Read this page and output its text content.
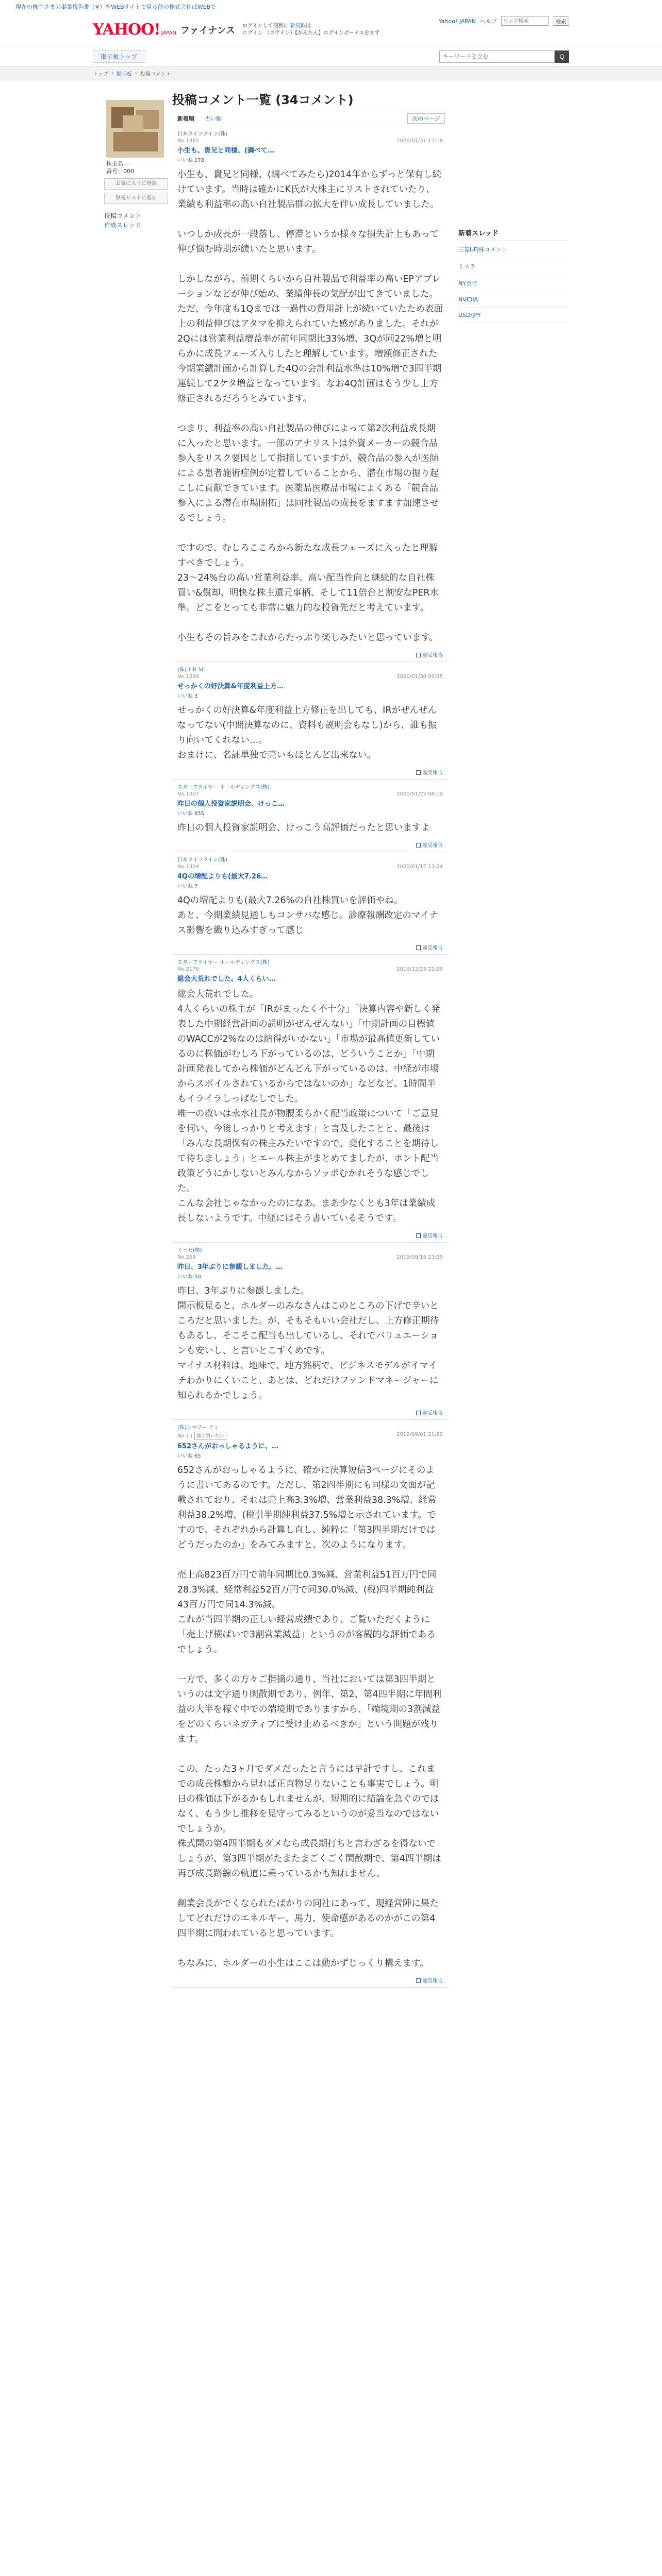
現在の株主さまの事業報告書（※）をWEBサイトで見る前の株式会社はWEBで
YAHOO! JAPAN ファイナンス ログインして便利に 新規取得
ログイン （ログイン）【かんたん】ログインボーナスをまず
Yahoo! JAPAN ヘルプ
ウェブ検索	検索
掲示板トップ
キーワードを含む	Q
トップ › 掲示板 › 投稿コメント
株主名…
番号：000
お気に入りに登録
無視リストに追加
投稿コメント
作成スレッド
投稿コメント一覧 (34コメント)
新着順	古い順	次のページ
日本ライフライン(株)
No.1365	2020/01/31 17:18
小生も、貴兄と同様、(調べて…
いいね 178
小生も、貴兄と同様、(調べてみたら)2014年からずっと保有し続けています。当時は確かにK氏が大株主にリストされていたり、業績も利益率の高い自社製品群の拡大を伴い成長していました。

いつしか成長が一段落し、停滞というか様々な損失計上もあって伸び悩む時期が続いたと思います。

しかしながら、前期くらいから自社製品で利益率の高いEPアブレーションなどが伸び始め、業績伸長の気配が出てきていました。ただ、今年度も1Qまでは一過性の費用計上が続いていたため表面上の利益伸びはアタマを抑えられていた感がありました。それが2Qには営業利益増益率が前年同期比33%増、3Qが同22%増と明らかに成長フェーズ入りしたと理解しています。増額修正された今期業績計画から計算した4Qの会計利益水準は10%増で3四半期連続して2ケタ増益となっています。なお4Q計画はもう少し上方修正されるだろうとみています。

つまり、利益率の高い自社製品の伸びによって第2次利益成長期に入ったと思います。一部のアナリストは外資メーカーの競合品参入をリスク要因として指摘していますが、競合品の参入が医師による患者施術症例が定着していることから、潜在市場の掘り起こしに貢献できています。医薬品医療品市場によくある「競合品参入による潜在市場開拓」は同社製品の成長をますます加速させるでしょう。

ですので、むしろこころから新たな成長フェーズに入ったと理解すべきでしょう。
23〜24%台の高い営業利益率、高い配当性向と継続的な自社株買い&償却、明快な株主還元事柄、そして11倍台と割安なPER水準。どこをとっても非常に魅力的な投資先だと考えています。

小生もその旨みをこれからたっぷり楽しみたいと思っています。
違反報告
(株)ＪＢ Ｍ
No.1294	2020/01/30 09:35
せっかくの好決算&年度利益上方…
いいね 3
せっかくの好決算&年度利益上方修正を出しても、IRがぜんぜんなってない(中間決算なのに、資料も説明会もなし)から、誰も振り向いてくれない…。
おまけに、名証単独で売いもほとんど出来ない。
違反報告
スターフライヤー ホールディングス(株)
No.1007	2020/01/25 08:19
昨日の個人投資家説明会、けっこ…
いいね 855
昨日の個人投資家説明会、けっこう高評価だったと思いますよ
違反報告
日本ライフライン(株)
No.1304	2020/01/17 13:24
4Qの増配よりも(最大7.26…
いいね 7
4Qの増配よりも(最大7.26%の自社株買いを評価やね。
あと、今期業績見通しもコンサバな感じ。診療報酬改定のマイナス影響を織り込みすぎって感じ
違反報告
スターフライヤー ホールディングス(株)
No.2176	2019/12/23 22:29
総会大荒れでした。4人くらい…
総会大荒れでした。
4人くらいの株主が「IRがまったく不十分」「決算内容や新しく発表した中期経営計画の説明がぜんぜんない」「中期計画の目標値のWACCが2%なのは納得がいかない」「市場が最高値更新しているのに株価がむしろ下がっているのは、どういうことか」「中期計画発表してから株価がどんどん下がっているのは、中経が市場からスポイルされているからではないのか」などなど、1時間半もイライラしっぱなしでした。
唯一の救いは永水社長が物腰柔らかく配当政策について「ご意見を伺い、今後しっかりと考えます」と言及したことと、最後は「みんな長期保有の株主みたいですので、変化することを期待して待ちましょう」とエール株主がまとめてましたが、ホント配当政策どうにかしないとみんなからソッポむかれそうな感じでした。
こんな会社じゃなかったのになあ。まあ少なくとも3年は業績成長しないようです。中経にはそう書いているそうです。
違反報告
ミ一ゼ(株)
No.205	2019/09/16 23:29
昨日、3年ぶりに参観しました。…
いいね 50
昨日、3年ぶりに参観しました。
開示板見ると、ホルダーのみなさんはこのところの下げで辛いところだと思いました。が、そもそもいい会社だし、上方修正期待もあるし、そこそこ配当も出しているし、それでバリュエーションも安いし、と言いとこずくめです。
マイナス材料は、地味で、地方銘柄で、ビジネスモデルがイマイチわかりにくいこと、あとは、どれだけファンドマネージャーに知られるかでしょう。
違反報告
(株)シマブー ティ
No.15 強く買いたい	2019/09/01 21:29
652さんがおっしゃるように、…
いいね 65
652さんがおっしゃるように、確かに決算短信3ページにそのように書いてあるのです。ただし、第2四半期にも同様の文面が記載されており、それは売上高3.3%増、営業利益38.3%増、経常利益38.2%増、(税引半期純利益37.5%増と示されています。ですので、それぞれから計算し直し、純粋に「第3四半期だけではどうだったのか」をみてみますと、次のようになります。

売上高823百万円で前年同期比0.3%減、営業利益51百万円で同28.3%減、経常利益52百万円で同30.0%減、(税)四半期純利益43百万円で同14.3%減。
これが当四半期の正しい経営成績であり、ご覧いただくように「売上げ横ばいで3割営業減益」というのが客観的な評価であるでしょう。

一方で、多くの方々ご指摘の通り、当社においては第3四半期というのは文字通り閑散期であり、例年、第2、第4四半期に年間利益の大半を稼ぐ中での端境期でありますから、「端境期の3割減益をどのくらいネガティブに受け止めるべきか」という問題が残ります。

この、たった3ヶ月でダメだったと言うには早計ですし、これまでの成長株癖から見れば正直物足りないことも事実でしょう。明日の株価は下がるかもしれませんが、短期的に結論を急ぐのではなく、もう少し推移を見守ってみるというのが妥当なのではないでしょうか。
株式開の第4四半期もダメなら成長期打ちと言わざるを得ないでしょうが、第3四半期がたまたまごくごく閑散期で、第4四半期は再び成長路線の軌道に乗っているかも知れません。

創業会長がでくなられたばかりの同社にあって、現経営陣に果たしてどれだけのエネルギー、馬力、使命感があるのかがこの第4四半期に問われていると思っています。

ちなみに、ホルダーの小生はここは動かずじっくり構えます。
違反報告
新着スレッド
三菱UFJ株コメント
ミスラ
NY金で
NVIDIA
USD/JPY
